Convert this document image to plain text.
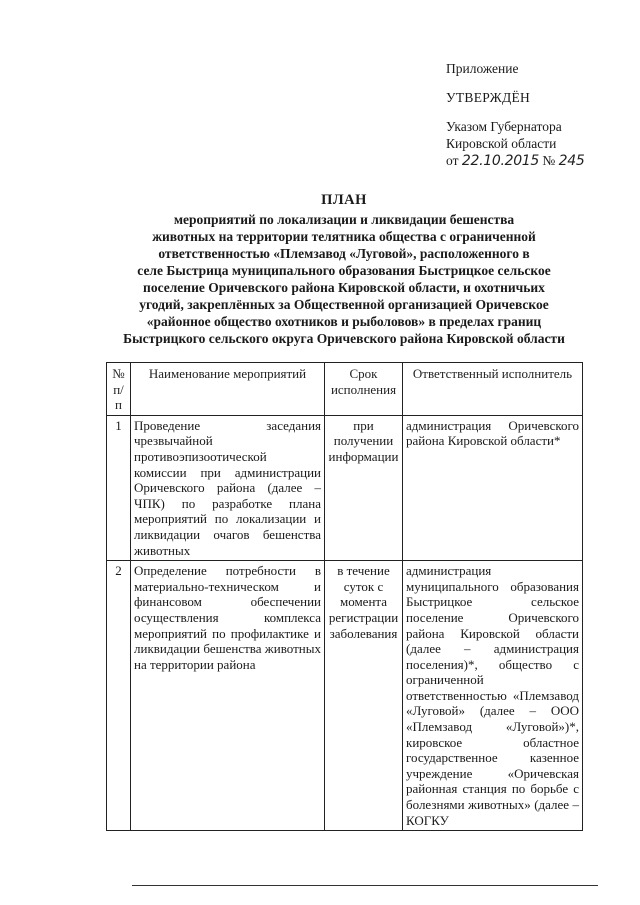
Приложение
УТВЕРЖДЁН
Указом Губернатора
Кировской области
от 22.10.2015 № 245
ПЛАН
мероприятий по локализации и ликвидации бешенства
животных на территории телятника общества с ограниченной
ответственностью «Племзавод «Луговой», расположенного в
селе Быстрица муниципального образования Быстрицкое сельское
поселение Оричевского района Кировской области, и охотничьих
угодий, закреплённых за Общественной организацией Оричевское
«районное общество охотников и рыболовов» в пределах границ
Быстрицкого сельского округа Оричевского района Кировской области
№ п/п	Наименование мероприятий	Срок исполнения	Ответственный исполнитель
1	Проведение заседания чрезвычайной противоэпизоотической комиссии при администрации Оричевского района (далее – ЧПК) по разработке плана мероприятий по локализации и ликвидации очагов бешенства животных	при получении информации	администрация Оричевского района Кировской области*
2	Определение потребности в материально-техническом и финансовом обеспечении осуществления комплекса мероприятий по профилактике и ликвидации бешенства животных на территории района	в течение суток с момента регистрации заболевания	администрация муниципального образования Быстрицкое сельское поселение Оричевского района Кировской области (далее – администрация поселения)*, общество с ограниченной ответственностью «Племзавод «Луговой» (далее – ООО «Племзавод «Луговой»)*, кировское областное государственное казенное учреждение «Оричевская районная станция по борьбе с болезнями животных» (далее – КОГКУ
